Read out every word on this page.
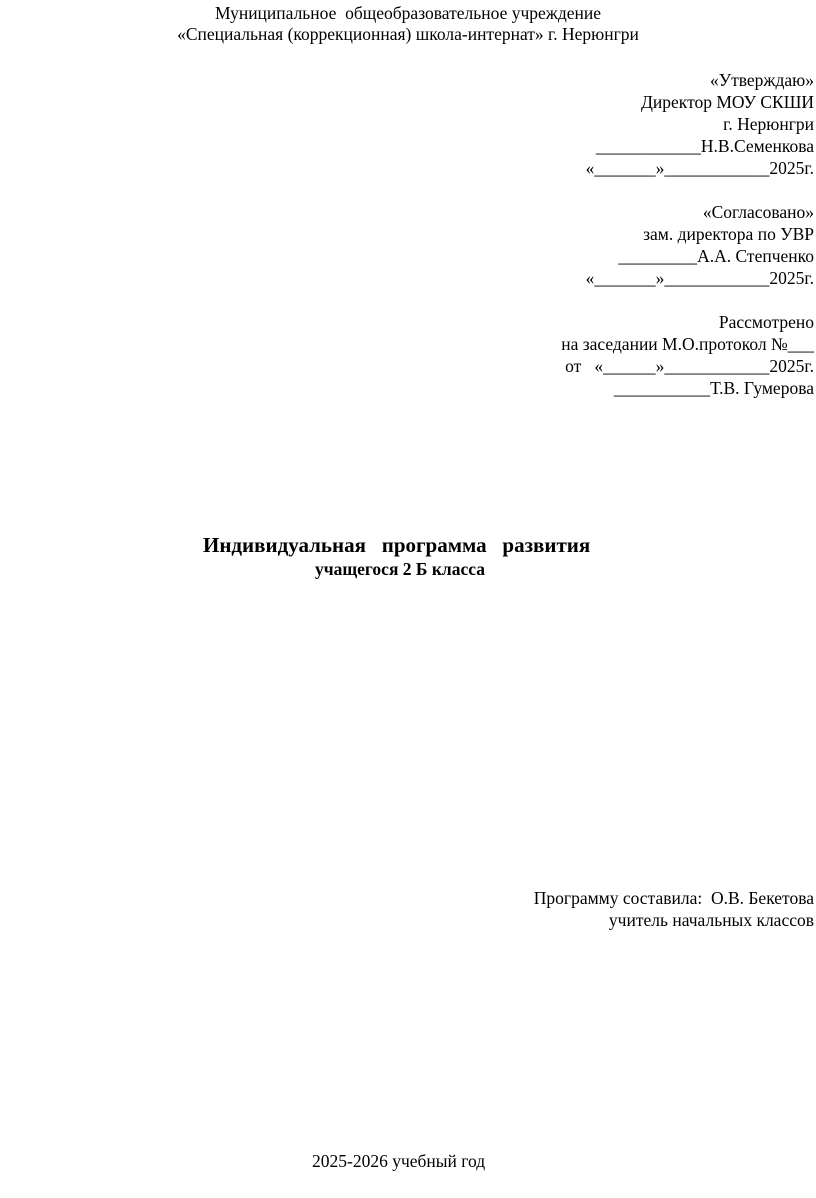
Муниципальное  общеобразовательное учреждение

«Специальная (коррекционная) школа-интернат» г. Нерюнгри

«Утверждаю»

Директор МОУ СКШИ

г. Нерюнгри

____________Н.В.Семенкова

«_______»____________2025г.

«Согласовано»

зам. директора по УВР

_________А.А. Степченко

«_______»____________2025г.

Рассмотрено

на заседании М.О.протокол №___

от   «______»____________2025г.

___________Т.В. Гумерова

Индивидуальная   программа   развития

учащегося 2 Б класса

Программу составила:  О.В. Бекетова

учитель начальных классов

2025-2026 учебный год
